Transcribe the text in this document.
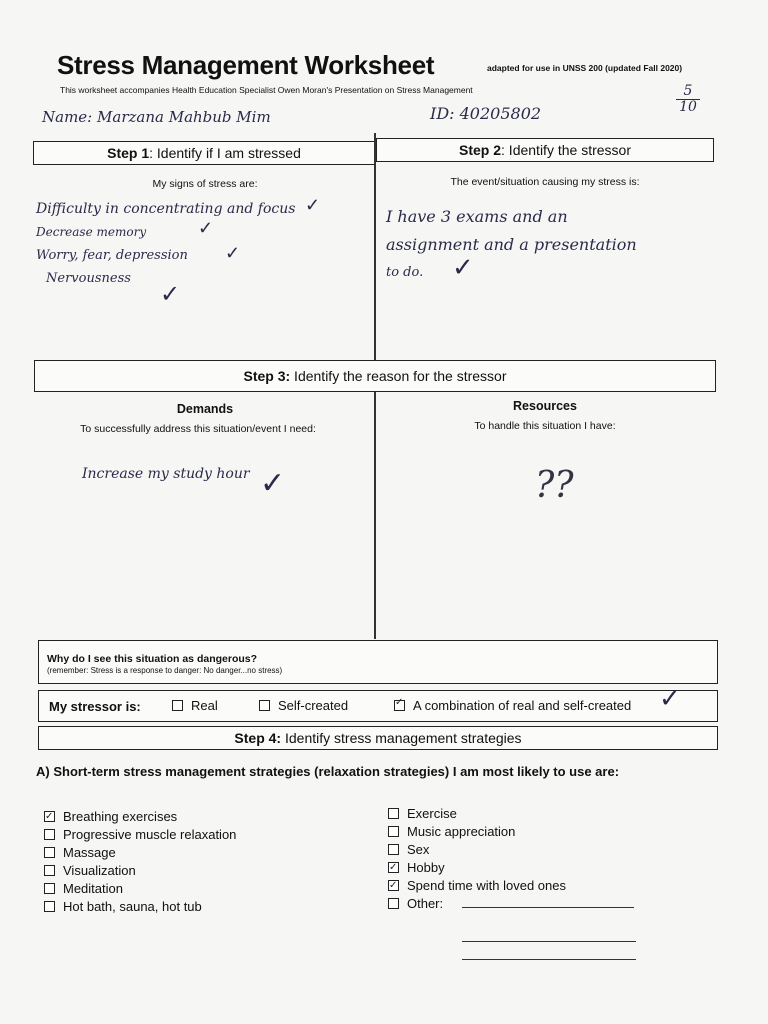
Stress Management Worksheet	adapted for use in UNSS 200 (updated Fall 2020)
This worksheet accompanies Health Education Specialist Owen Moran's Presentation on Stress Management
Name: Marzana Mahbub Mim	ID: 40205802	$\frac{5}{10}$
Step 1: Identify if I am stressed	Step 2: Identify the stressor
My signs of stress are:
Difficulty in concentrating and focus
Decrease memory
Worry, fear, depression
Nervousness
✓
✓
✓
✓
The event/situation causing my stress is:
I have 3 exams and an
assignment and a presentation
to do.	✓
Step 3: Identify the reason for the stressor
Demands
To successfully address this situation/event I need:
Increase my study hour ✓
Resources
To handle this situation I have:
??
Why do I see this situation as dangerous?
(remember: Stress is a response to danger: No danger...no stress)
My stressor is:	Real	Self-created
✓	A combination of real and self-created ✓
Step 4: Identify stress management strategies
A) Short-term stress management strategies (relaxation strategies) I am most likely to use are:
✓Breathing exercises
Progressive muscle relaxation
Massage
Visualization
Meditation
Hot bath, sauna, hot tub
Exercise
Music appreciation
Sex
✓Hobby
✓Spend time with loved ones
Other:
